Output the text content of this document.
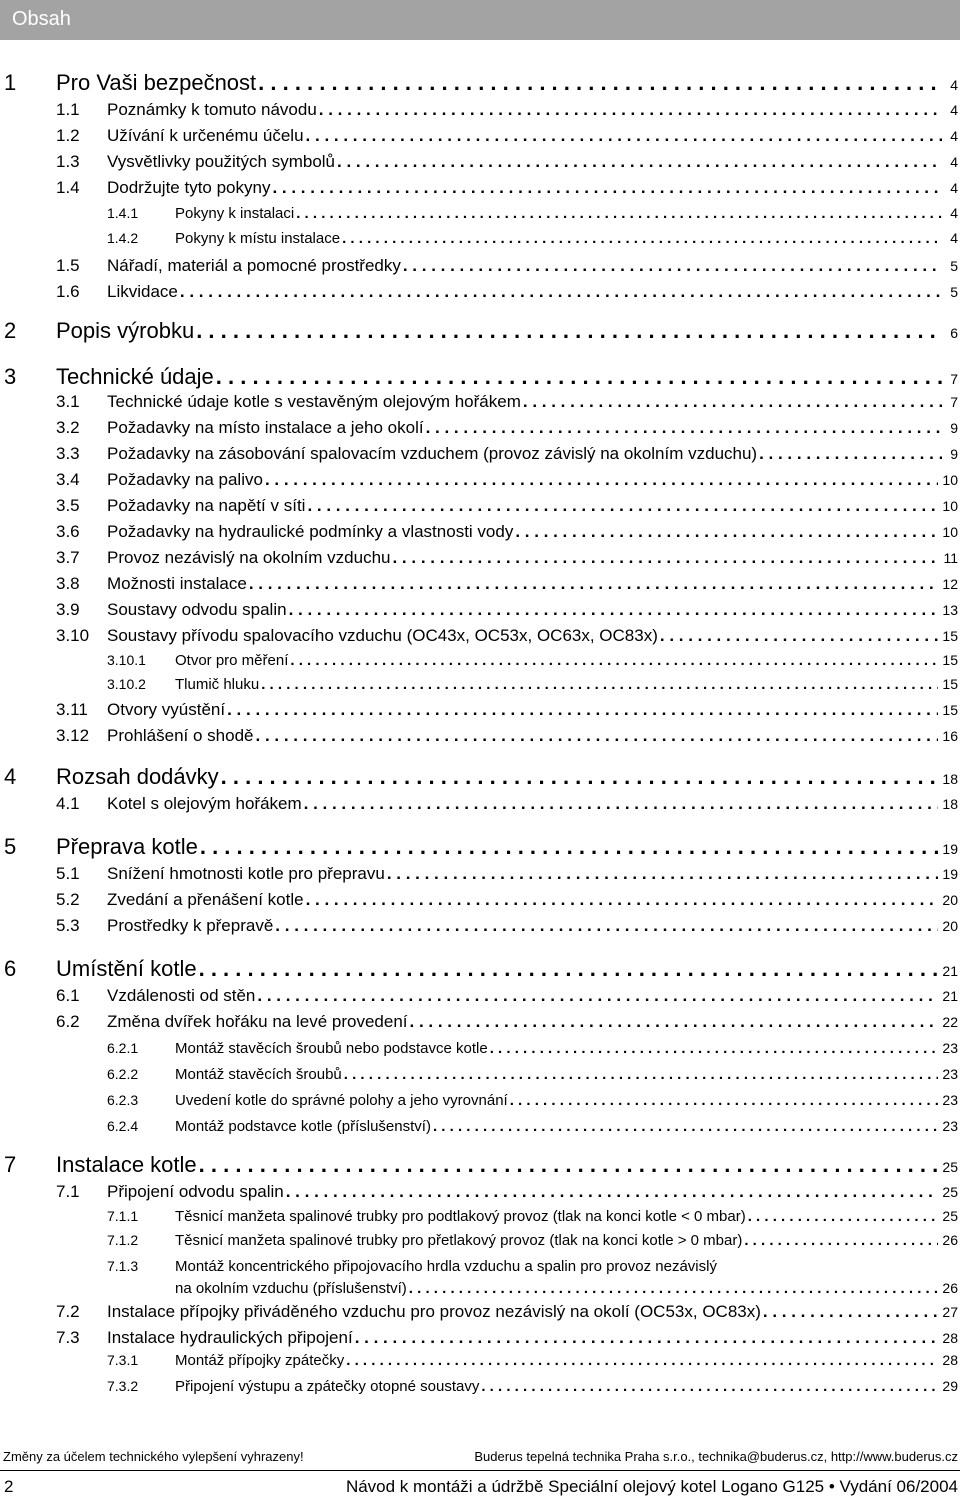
Obsah
1	Pro Vaši bezpečnost . . .	4
1.1	Poznámky k tomuto návodu . . .	4
1.2	Užívání k určenému účelu . . .	4
1.3	Vysvětlivky použitých symbolů . . .	4
1.4	Dodržujte tyto pokyny . . .	4
1.4.1	Pokyny k instalaci . . .	4
1.4.2	Pokyny k místu instalace . . .	4
1.5	Nářadí, materiál a pomocné prostředky . . .	5
1.6	Likvidace . . .	5
2	Popis výrobku . . .	6
3	Technické údaje . . .	7
3.1	Technické údaje kotle s vestavěným olejovým hořákem . . .	7
3.2	Požadavky na místo instalace a jeho okolí . . .	9
3.3	Požadavky na zásobování spalovacím vzduchem (provoz závislý na okolním vzduchu) . . .	9
3.4	Požadavky na palivo . . .	10
3.5	Požadavky na napětí v síti . . .	10
3.6	Požadavky na hydraulické podmínky a vlastnosti vody . . .	10
3.7	Provoz nezávislý na okolním vzduchu . . .	11
3.8	Možnosti instalace . . .	12
3.9	Soustavy odvodu spalin . . .	13
3.10	Soustavy přívodu spalovacího vzduchu (OC43x, OC53x, OC63x, OC83x) . . .	15
3.10.1	Otvor pro měření . . .	15
3.10.2	Tlumič hluku . . .	15
3.11	Otvory vyústění . . .	15
3.12	Prohlášení o shodě . . .	16
4	Rozsah dodávky . . .	18
4.1	Kotel s olejovým hořákem . . .	18
5	Přeprava kotle . . .	19
5.1	Snížení hmotnosti kotle pro přepravu . . .	19
5.2	Zvedání a přenášení kotle . . .	20
5.3	Prostředky k přepravě . . .	20
6	Umístění kotle . . .	21
6.1	Vzdálenosti od stěn . . .	21
6.2	Změna dvířek hořáku na levé provedení . . .	22
6.2.1	Montáž stavěcích šroubů nebo podstavce kotle . . .	23
6.2.2	Montáž stavěcích šroubů . . .	23
6.2.3	Uvedení kotle do správné polohy a jeho vyrovnání . . .	23
6.2.4	Montáž podstavce kotle (příslušenství) . . .	23
7	Instalace kotle . . .	25
7.1	Připojení odvodu spalin . . .	25
7.1.1	Těsnicí manžeta spalinové trubky pro podtlakový provoz (tlak na konci kotle < 0 mbar) . . .	25
7.1.2	Těsnicí manžeta spalinové trubky pro přetlakový provoz (tlak na konci kotle > 0 mbar) . . .	26
7.1.3	Montáž koncentrického připojovacího hrdla vzduchu a spalin pro provoz nezávislý
na okolním vzduchu (příslušenství) . . .	26
7.2	Instalace přípojky přiváděného vzduchu pro provoz nezávislý na okolí (OC53x, OC83x) . . .	27
7.3	Instalace hydraulických připojení . . .	28
7.3.1	Montáž přípojky zpátečky . . .	28
7.3.2	Připojení výstupu a zpátečky otopné soustavy . . .	29
Změny za účelem technického vylepšení vyhrazeny!	Buderus tepelná technika Praha s.r.o., technika@buderus.cz, http://www.buderus.cz
2	Návod k montáži a údržbě Speciální olejový kotel Logano G125 • Vydání 06/2004
